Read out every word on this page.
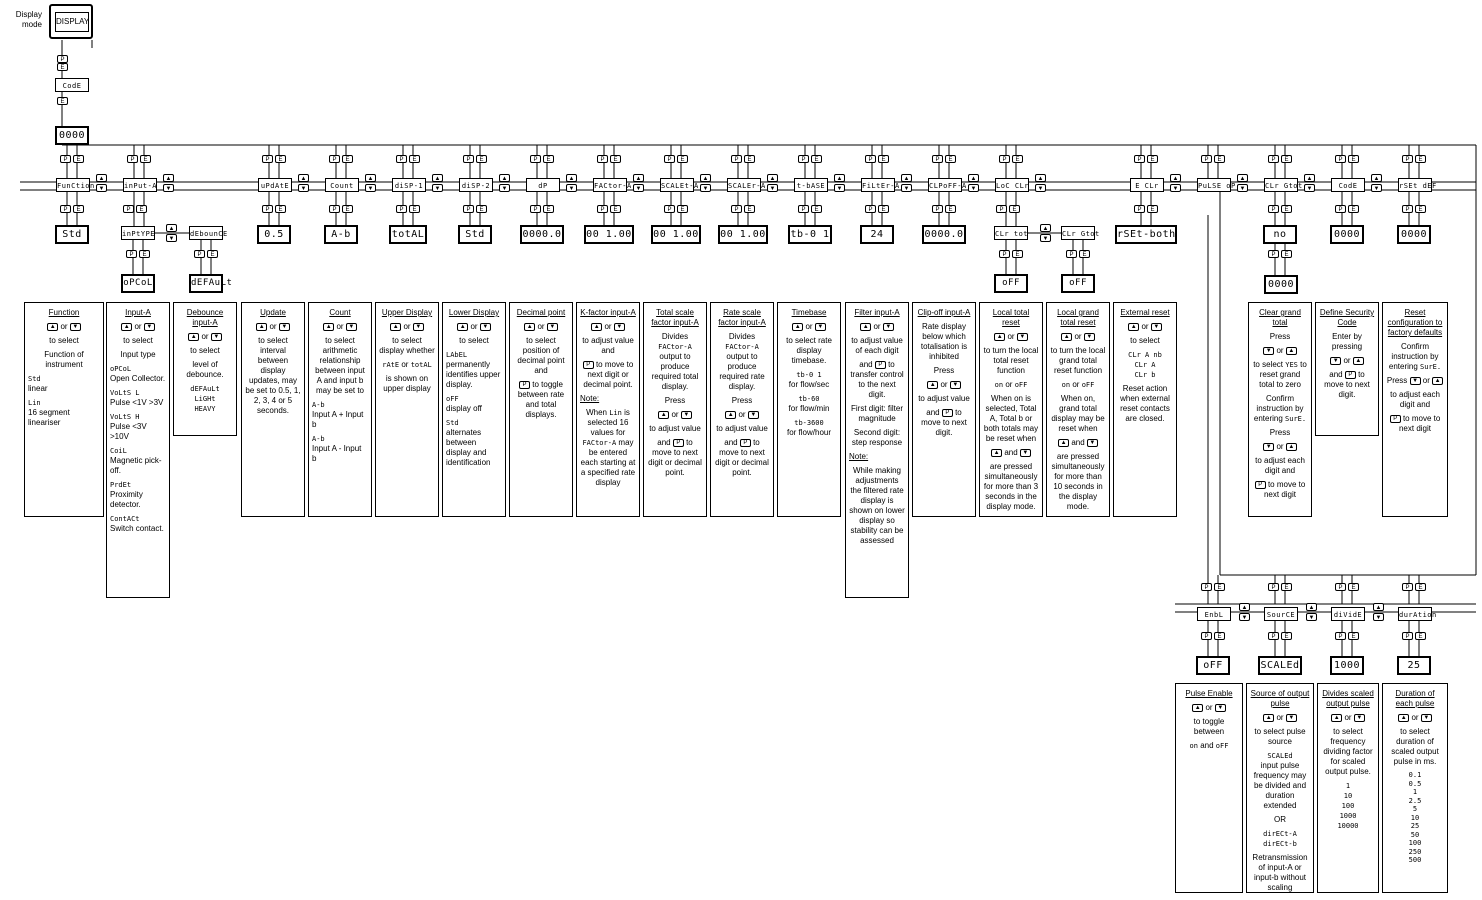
Display mode DISPLAY
Function

▲ or ▼

to select

Function of instrument

Std
linear

Lin
16 segment lineariser

Input-A

▲ or ▼

to select

Input type

oPCoL
Open Collector.

VoLtS L
Pulse <1V >3V

VoLtS H
Pulse <3V >10V

CoiL
Magnetic pick-off.

PrdEt
Proximity detector.

ContACt
Switch contact.

Debounce input-A

▲ or ▼

to select

level of debounce.

dEFAuLt
LiGHt
HEAVY

Update

▲ or ▼

to select interval between display updates, may be set to 0.5, 1, 2, 3, 4 or 5 seconds.

Count

▲ or ▼

to select arithmetic relationship between input A and input b may be set to

A-b
Input A + Input b

A-b
Input A - Input b

Upper Display

▲ or ▼

to select display whether

rAtE or totAL

is shown on upper display

Lower Display

▲ or ▼

to select

LAbEL
permanently identifies upper display.

oFF
display off

Std
alternates between display and identification

Decimal point

▲ or ▼

to select position of decimal point and

P to toggle between rate and total displays.

K-factor input-A

▲ or ▼

to adjust value and

P to move to next digit or decimal point.

Note:

When Lin is selected 16 values for FACtor-A may be entered each starting at a specified rate display

Total scale factor input-A

Divides
FACtor-A
output to produce required total display.

Press

▲ or ▼

to adjust value

and P to move to next digit or decimal point.

Rate scale factor input-A

Divides
FACtor-A
output to produce required rate display.

Press

▲ or ▼

to adjust value

and P to move to next digit or decimal point.

Timebase

▲ or ▼

to select rate display timebase.

tb-0 1
for flow/sec

tb-60
for flow/min

tb-3600
for flow/hour

Filter input-A

▲ or ▼

to adjust value of each digit

and P to transfer control to the next digit.

First digit: filter magnitude

Second digit: step response

Note:

While making adjustments the filtered rate display is shown on lower display so stability can be assessed

Clip-off input-A

Rate display below which totalisation is inhibited

Press

▲ or ▼

to adjust value

and P to move to next digit.

Local total reset

▲ or ▼

to turn the local total reset function

on or oFF

When on is selected, Total A, Total b or both totals may be reset when

▲ and ▼

are pressed simultaneously for more than 3 seconds in the display mode.

Local grand total reset

▲ or ▼

to turn the local grand total reset function

on or oFF

When on, grand total display may be reset when

▲ and ▼

are pressed simultaneously for more than 10 seconds in the display mode.

External reset

▲ or ▼

to select

CLr A nb
CLr A
CLr b

Reset action when external reset contacts are closed.

Clear grand total

Press

▼ or ▲

to select YES to reset grand total to zero

Confirm instruction by entering SurE.

Press

▼ or ▲

to adjust each digit and

P to move to next digit

Define Security Code

Enter by pressing

▼ or ▲

and P to move to next digit.

Reset configuration to factory defaults

Confirm instruction by entering SurE.

Press ▼ or ▲

to adjust each digit and

P to move to next digit

Pulse Enable

▲ or ▼

to toggle between

on and oFF

Source of output pulse

▲ or ▼

to select pulse source

SCALEd
input pulse frequency may be divided and duration extended

OR

dirECt-A
dirECt-b

Retransmission of input-A or input-b without scaling

Divides scaled output pulse

▲ or ▼

to select frequency dividing factor for scaled output pulse.

1
10
100
1000
10000
Duration of each pulse

▲ or ▼

to select duration of scaled output pulse in ms.

0.1
0.5
1
2.5
5
10
25
50
100
250
500
P
E
CodE
E
0000
P	E
FunCtion
▲
▼
P	E
Std
P	E
inPut-A
▲
▼
P	E
uPdAtE
▲
▼
P	E
0.5
P	E
Count
▲
▼
P	E
A-b
P	E
diSP-1
▲
▼
P	E
totAL
P	E
diSP-2
▲
▼
P	E
Std
P	E
dP
▲
▼
P	E
0000.0
P	E
FACtor-A
▲
▼
P	E
00 1.00
P	E
SCALEt-A
▲
▼
P	E
00 1.00
P	E
SCALEr-A
▲
▼
P	E
00 1.00
P	E
t-bASE
▲
▼
P	E
tb-0 1
P	E
FiLtEr-A
▲
▼
P	E
24
P	E
CLPoFF-A
▲
▼
P	E
0000.0
P	E
LoC CLr
▲
▼
P	E
E CLr
▲
▼
P	E
rSEt-both
P	E
PuLSE oP
▲
▼
P	E
CLr Gtot
▲
▼
P	E
no
P	E
CodE
▲
▼
P	E
0000
P	E
rSEt dEF
P	E
0000
P	E
inPtYPE
P	E
oPCoL
dEbounCE
P	E
dEFAuLt
▲
▼
P	E
CLr tot
P	E
oFF
CLr Gtot
P	E
oFF
▲
▼
P	E
0000
P	E
EnbL
▲
▼
P	E
oFF
P	E
SourCE
▲
▼
P	E
SCALEd
P	E
diVidE
▲
▼
P	E
1000
P	E
durAtion
P	E
25
